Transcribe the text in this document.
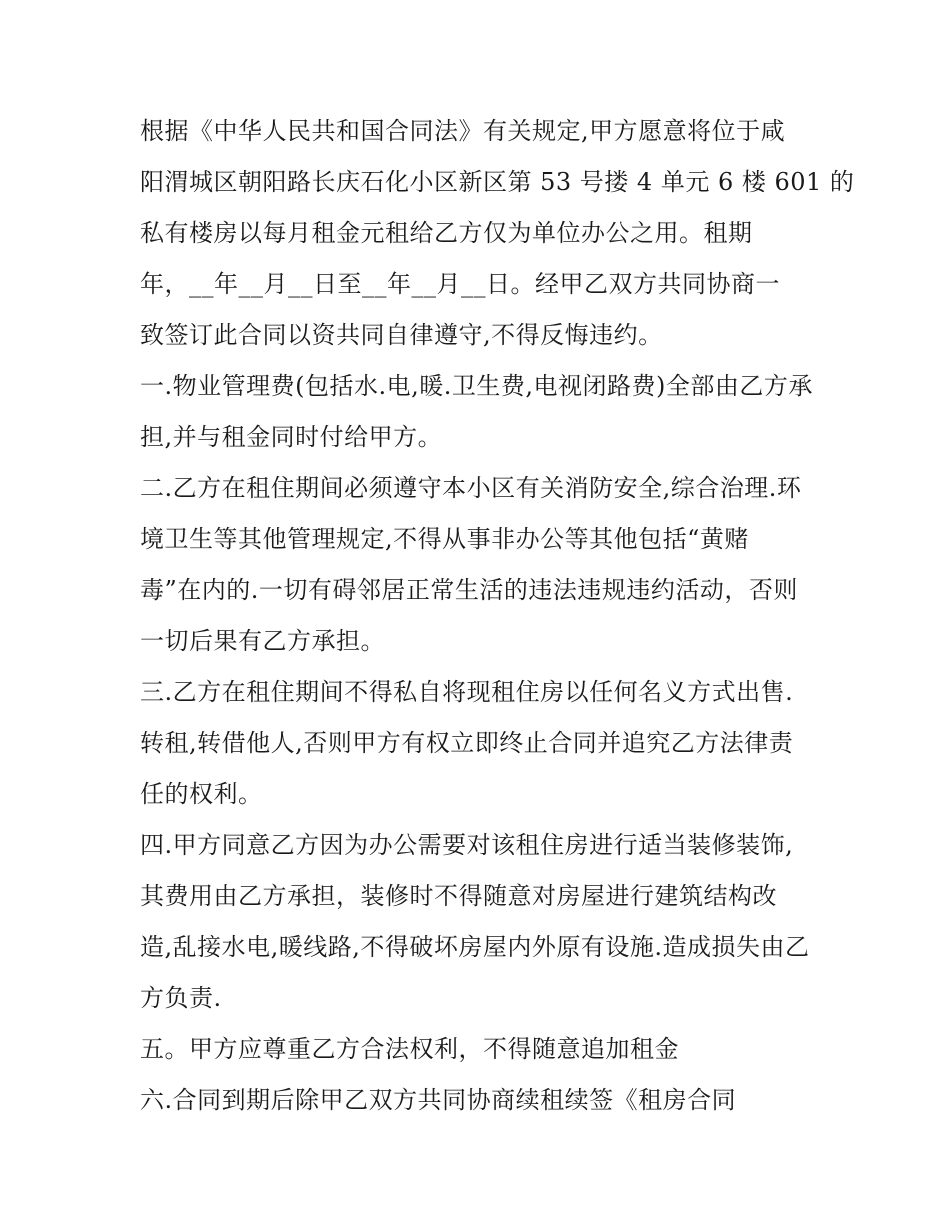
根据《中华人民共和国合同法》有关规定,甲方愿意将位于咸
阳渭城区朝阳路长庆石化小区新区第 53 号搂 4 单元 6 楼 601 的
私有楼房以每月租金元租给乙方仅为单位办公之用。租期
年，__年__月__日至__年__月__日。经甲乙双方共同协商一
致签订此合同以资共同自律遵守,不得反悔违约。
一.物业管理费(包括水.电,暖.卫生费,电视闭路费)全部由乙方承
担,并与租金同时付给甲方。
二.乙方在租住期间必须遵守本小区有关消防安全,综合治理.环
境卫生等其他管理规定,不得从事非办公等其他包括“黄赌
毒”在内的.一切有碍邻居正常生活的违法违规违约活动，否则
一切后果有乙方承担。
三.乙方在租住期间不得私自将现租住房以任何名义方式出售.
转租,转借他人,否则甲方有权立即终止合同并追究乙方法律责
任的权利。
四.甲方同意乙方因为办公需要对该租住房进行适当装修装饰,
其费用由乙方承担，装修时不得随意对房屋进行建筑结构改
造,乱接水电,暖线路,不得破坏房屋内外原有设施.造成损失由乙
方负责.
五。甲方应尊重乙方合法权利，不得随意追加租金
六.合同到期后除甲乙双方共同协商续租续签《租房合同
